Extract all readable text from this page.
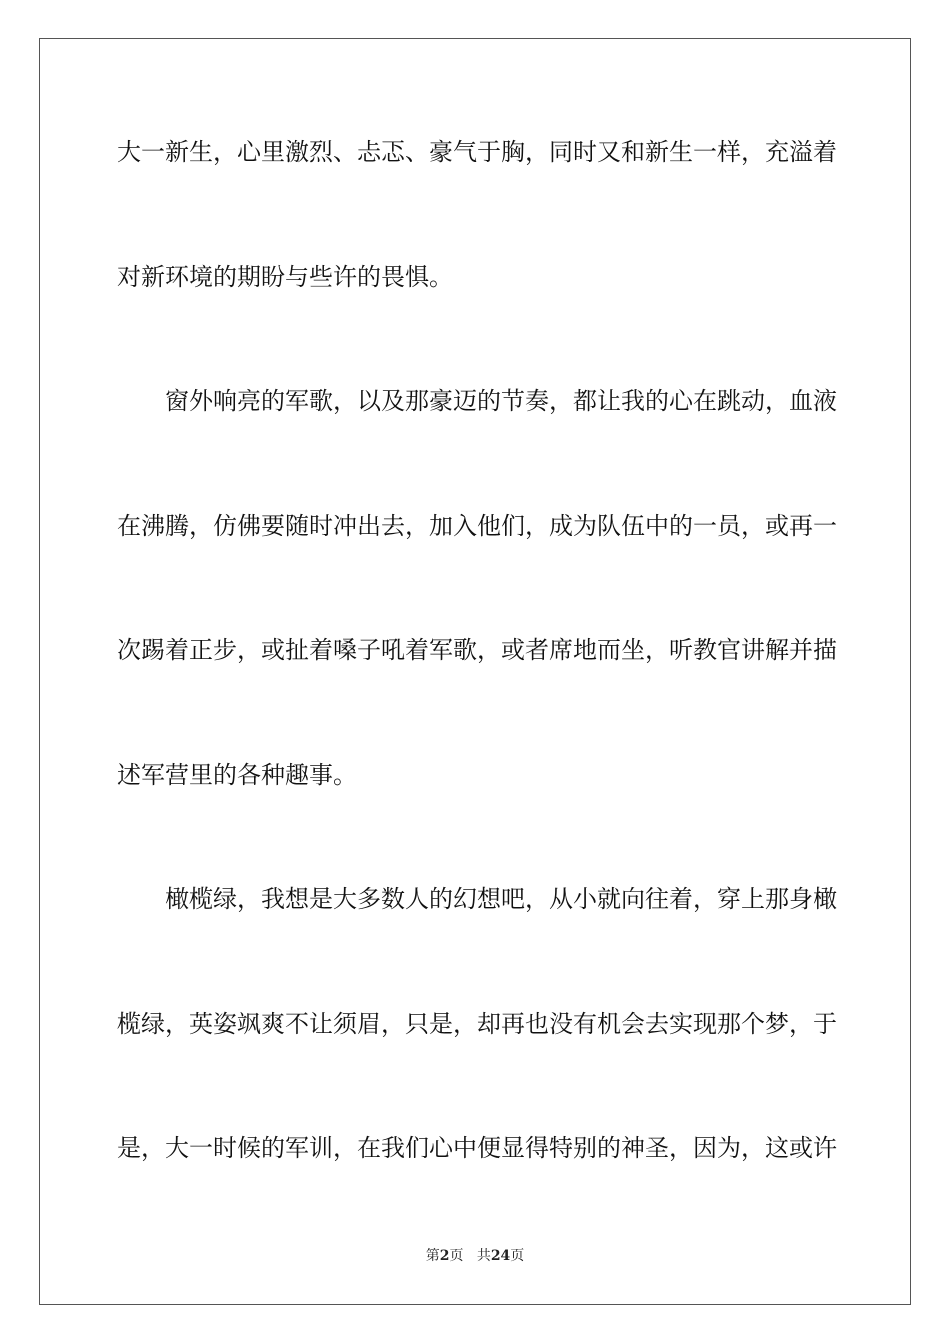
大一新生，心里激烈、忐忑、豪气于胸，同时又和新生一样，充溢着
对新环境的期盼与些许的畏惧。
窗外响亮的军歌，以及那豪迈的节奏，都让我的心在跳动，血液
在沸腾，仿佛要随时冲出去，加入他们，成为队伍中的一员，或再一
次踢着正步，或扯着嗓子吼着军歌，或者席地而坐，听教官讲解并描
述军营里的各种趣事。
橄榄绿，我想是大多数人的幻想吧，从小就向往着，穿上那身橄
榄绿，英姿飒爽不让须眉，只是，却再也没有机会去实现那个梦，于
是，大一时候的军训，在我们心中便显得特别的神圣，因为，这或许
第2页 共24页
